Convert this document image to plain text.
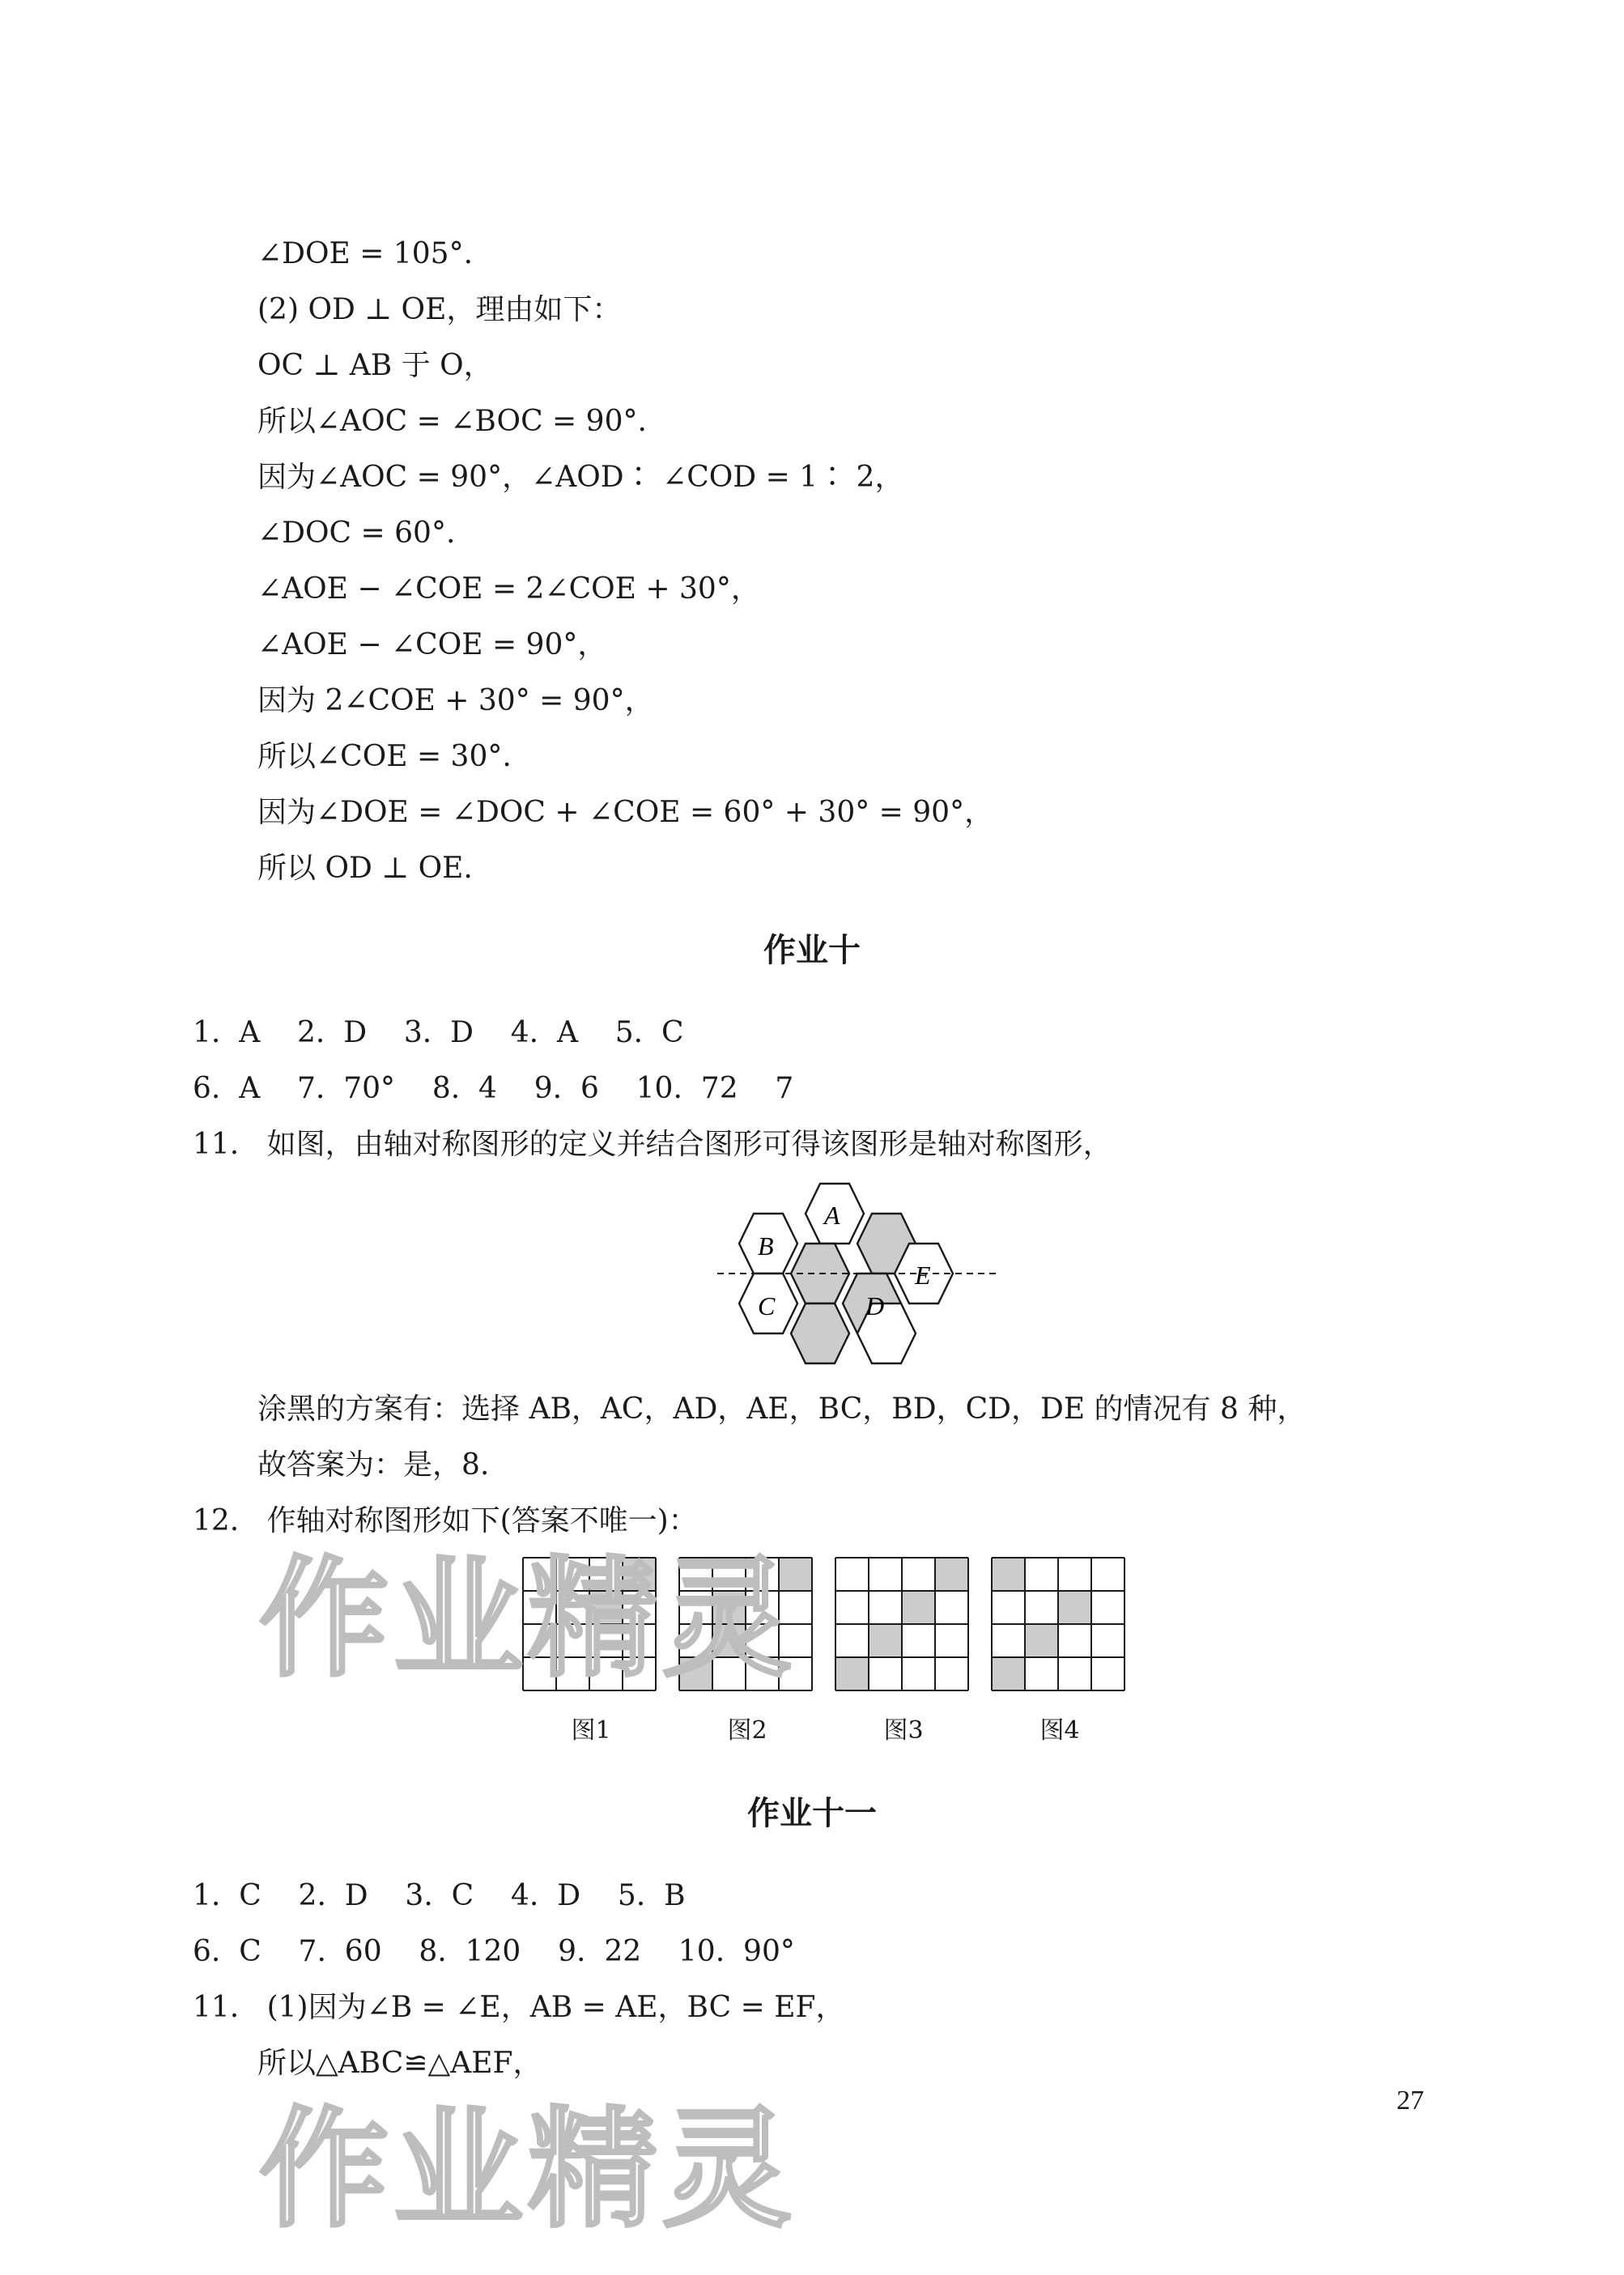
∠DOE = 105°.
(2) OD ⊥ OE，理由如下：
OC ⊥ AB 于 O，
所以∠AOC = ∠BOC = 90°.
因为∠AOC = 90°，∠AOD∶ ∠COD = 1∶ 2，
∠DOC = 60°.
∠AOE − ∠COE = 2∠COE + 30°，
∠AOE − ∠COE = 90°，
因为 2∠COE + 30° = 90°，
所以∠COE = 30°.
因为∠DOE = ∠DOC + ∠COE = 60° + 30° = 90°，
所以 OD ⊥ OE.
作业十
1.  A    2.  D    3.  D    4.  A    5.  C
6.  A    7.  70°    8.  4    9.  6    10.  72    7
11.   如图，由轴对称图形的定义并结合图形可得该图形是轴对称图形，
A
B
C	D
E
涂黑的方案有：选择 AB，AC，AD，AE，BC，BD，CD，DE 的情况有 8 种，
故答案为：是，8.
12.   作轴对称图形如下(答案不唯一)：
图1	图2	图3	图4
作业十一
1.  C    2.  D    3.  C    4.  D    5.  B
6.  C    7.  60    8.  120    9.  22    10.  90°
11.   (1)因为∠B = ∠E，AB = AE，BC = EF，
所以△ABC≌△AEF，
27
作业精灵
作业精灵
